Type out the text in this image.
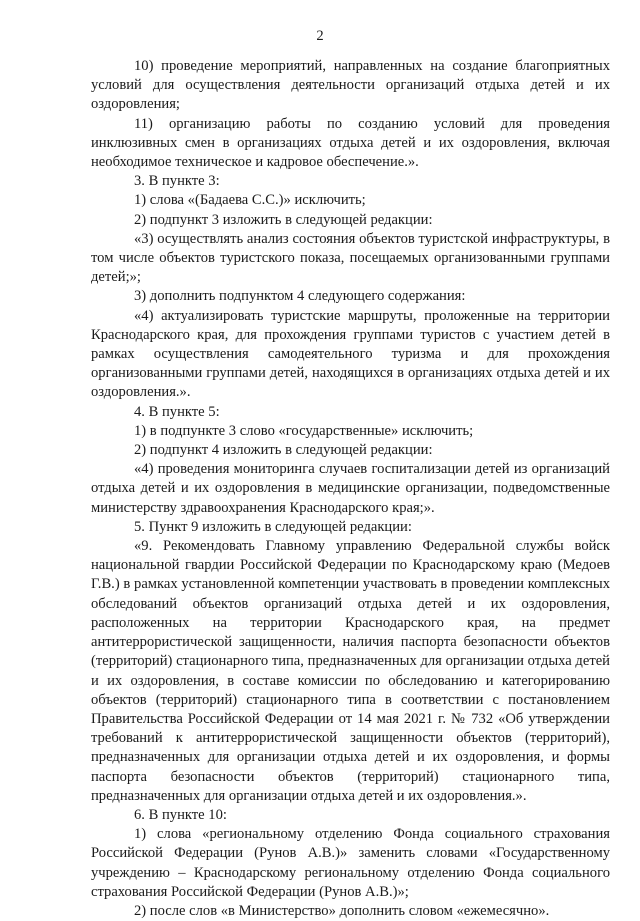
2

10) проведение мероприятий, направленных на создание благоприятных условий для осуществления деятельности организаций отдыха детей и их оздоровления;

11) организацию работы по созданию условий для проведения инклюзивных смен в организациях отдыха детей и их оздоровления, включая необходимое техническое и кадровое обеспечение.».

3. В пункте 3:

1) слова «(Бадаева С.С.)» исключить;

2) подпункт 3 изложить в следующей редакции:

«3) осуществлять анализ состояния объектов туристской инфраструктуры, в том числе объектов туристского показа, посещаемых организованными группами детей;»;

3) дополнить подпунктом 4 следующего содержания:

«4) актуализировать туристские маршруты, проложенные на территории Краснодарского края, для прохождения группами туристов с участием детей в рамках осуществления самодеятельного туризма и для прохождения организованными группами детей, находящихся в организациях отдыха детей и их оздоровления.».

4. В пункте 5:

1) в подпункте 3 слово «государственные» исключить;

2) подпункт 4 изложить в следующей редакции:

«4) проведения мониторинга случаев госпитализации детей из организаций отдыха детей и их оздоровления в медицинские организации, подведомственные министерству здравоохранения Краснодарского края;».

5. Пункт 9 изложить в следующей редакции:

«9. Рекомендовать Главному управлению Федеральной службы войск национальной гвардии Российской Федерации по Краснодарскому краю (Медоев Г.В.) в рамках установленной компетенции участвовать в проведении комплексных обследований объектов организаций отдыха детей и их оздоровления, расположенных на территории Краснодарского края, на предмет антитеррористической защищенности, наличия паспорта безопасности объектов (территорий) стационарного типа, предназначенных для организации отдыха детей и их оздоровления, в составе комиссии по обследованию и категорированию объектов (территорий) стационарного типа в соответствии с постановлением Правительства Российской Федерации от 14 мая 2021 г. № 732 «Об утверждении требований к антитеррористической защищенности объектов (территорий), предназначенных для организации отдыха детей и их оздоровления, и формы паспорта безопасности объектов (территорий) стационарного типа, предназначенных для организации отдыха детей и их оздоровления.».

6. В пункте 10:

1) слова «региональному отделению Фонда социального страхования Российской Федерации (Рунов А.В.)» заменить словами «Государственному учреждению – Краснодарскому региональному отделению Фонда социального страхования Российской Федерации (Рунов А.В.)»;

2) после слов «в Министерство» дополнить словом «ежемесячно».
